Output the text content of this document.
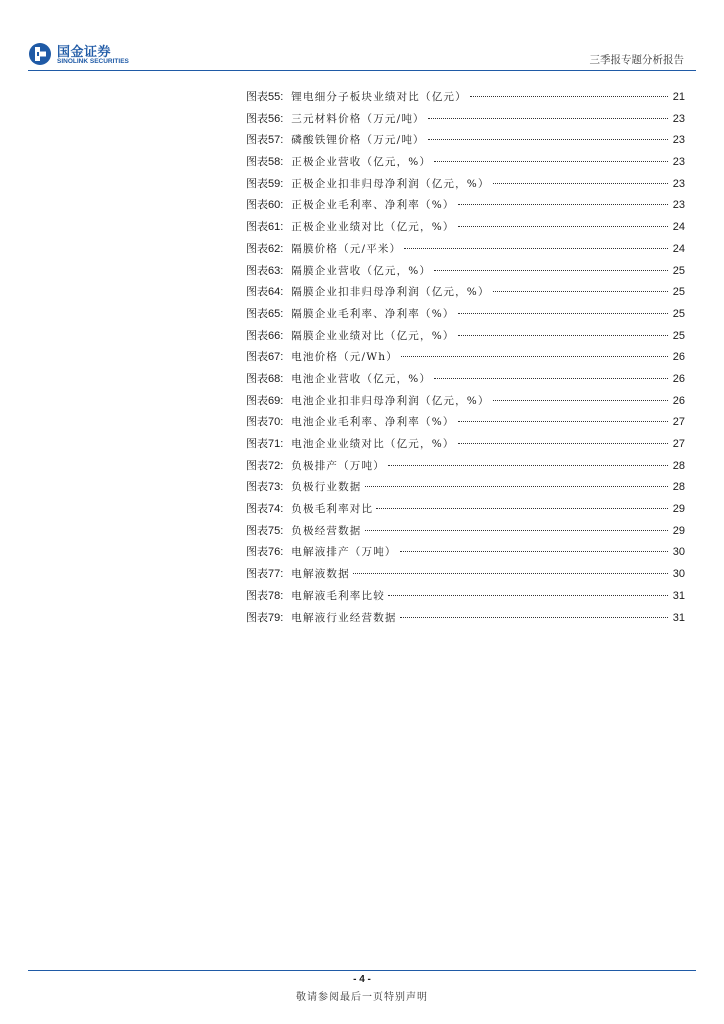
国金证券
SINOLINK SECURITIES	三季报专题分析报告
图表55: 锂电细分子板块业绩对比（亿元）	21
图表56: 三元材料价格（万元/吨）	23
图表57: 磷酸铁锂价格（万元/吨）	23
图表58: 正极企业营收（亿元，%）	23
图表59: 正极企业扣非归母净利润（亿元，%）	23
图表60: 正极企业毛利率、净利率（%）	23
图表61: 正极企业业绩对比（亿元，%）	24
图表62: 隔膜价格（元/平米）	24
图表63: 隔膜企业营收（亿元，%）	25
图表64: 隔膜企业扣非归母净利润（亿元，%）	25
图表65: 隔膜企业毛利率、净利率（%）	25
图表66: 隔膜企业业绩对比（亿元，%）	25
图表67: 电池价格（元/Wh）	26
图表68: 电池企业营收（亿元，%）	26
图表69: 电池企业扣非归母净利润（亿元，%）	26
图表70: 电池企业毛利率、净利率（%）	27
图表71: 电池企业业绩对比（亿元，%）	27
图表72: 负极排产（万吨）	28
图表73: 负极行业数据	28
图表74: 负极毛利率对比	29
图表75: 负极经营数据	29
图表76: 电解液排产（万吨）	30
图表77: 电解液数据	30
图表78: 电解液毛利率比较	31
图表79: 电解液行业经营数据	31
- 4 -
敬请参阅最后一页特别声明
